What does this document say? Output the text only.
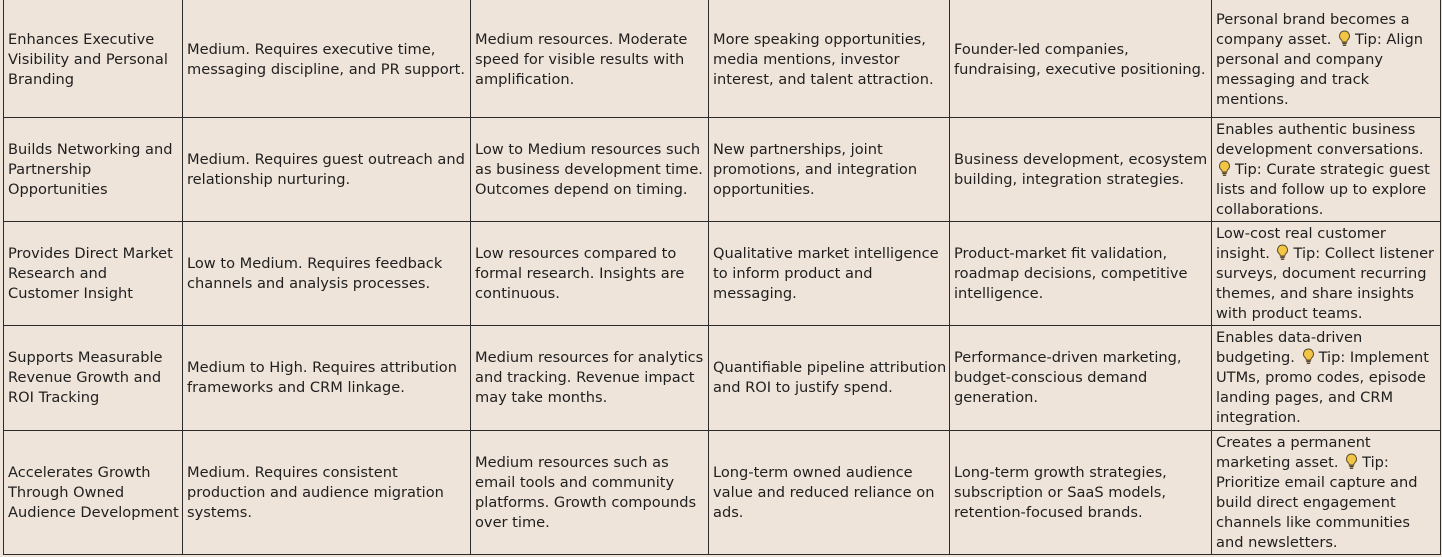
Enhances Executive Visibility and Personal Branding	Medium. Requires executive time, messaging discipline, and PR support.	Medium resources. Moderate speed for visible results with amplification.	More speaking opportunities, media mentions, investor interest, and talent attraction.	Founder-led companies, fundraising, executive positioning.	Personal brand becomes a company asset. Tip: Align personal and company messaging and track mentions.
Builds Networking and Partnership Opportunities	Medium. Requires guest outreach and relationship nurturing.	Low to Medium resources such as business development time. Outcomes depend on timing.	New partnerships, joint promotions, and integration opportunities.	Business development, ecosystem building, integration strategies.	Enables authentic business development conversations. Tip: Curate strategic guest lists and follow up to explore collaborations.
Provides Direct Market Research and Customer Insight	Low to Medium. Requires feedback channels and analysis processes.	Low resources compared to formal research. Insights are continuous.	Qualitative market intelligence to inform product and messaging.	Product-market fit validation, roadmap decisions, competitive intelligence.	Low-cost real customer insight. Tip: Collect listener surveys, document recurring themes, and share insights with product teams.
Supports Measurable Revenue Growth and ROI Tracking	Medium to High. Requires attribution frameworks and CRM linkage.	Medium resources for analytics and tracking. Revenue impact may take months.	Quantifiable pipeline attribution and ROI to justify spend.	Performance-driven marketing, budget-conscious demand generation.	Enables data-driven budgeting. Tip: Implement UTMs, promo codes, episode landing pages, and CRM integration.
Accelerates Growth Through Owned Audience Development	Medium. Requires consistent production and audience migration systems.	Medium resources such as email tools and community platforms. Growth compounds over time.	Long-term owned audience value and reduced reliance on ads.	Long-term growth strategies, subscription or SaaS models, retention-focused brands.	Creates a permanent marketing asset. Tip: Prioritize email capture and build direct engagement channels like communities and newsletters.
